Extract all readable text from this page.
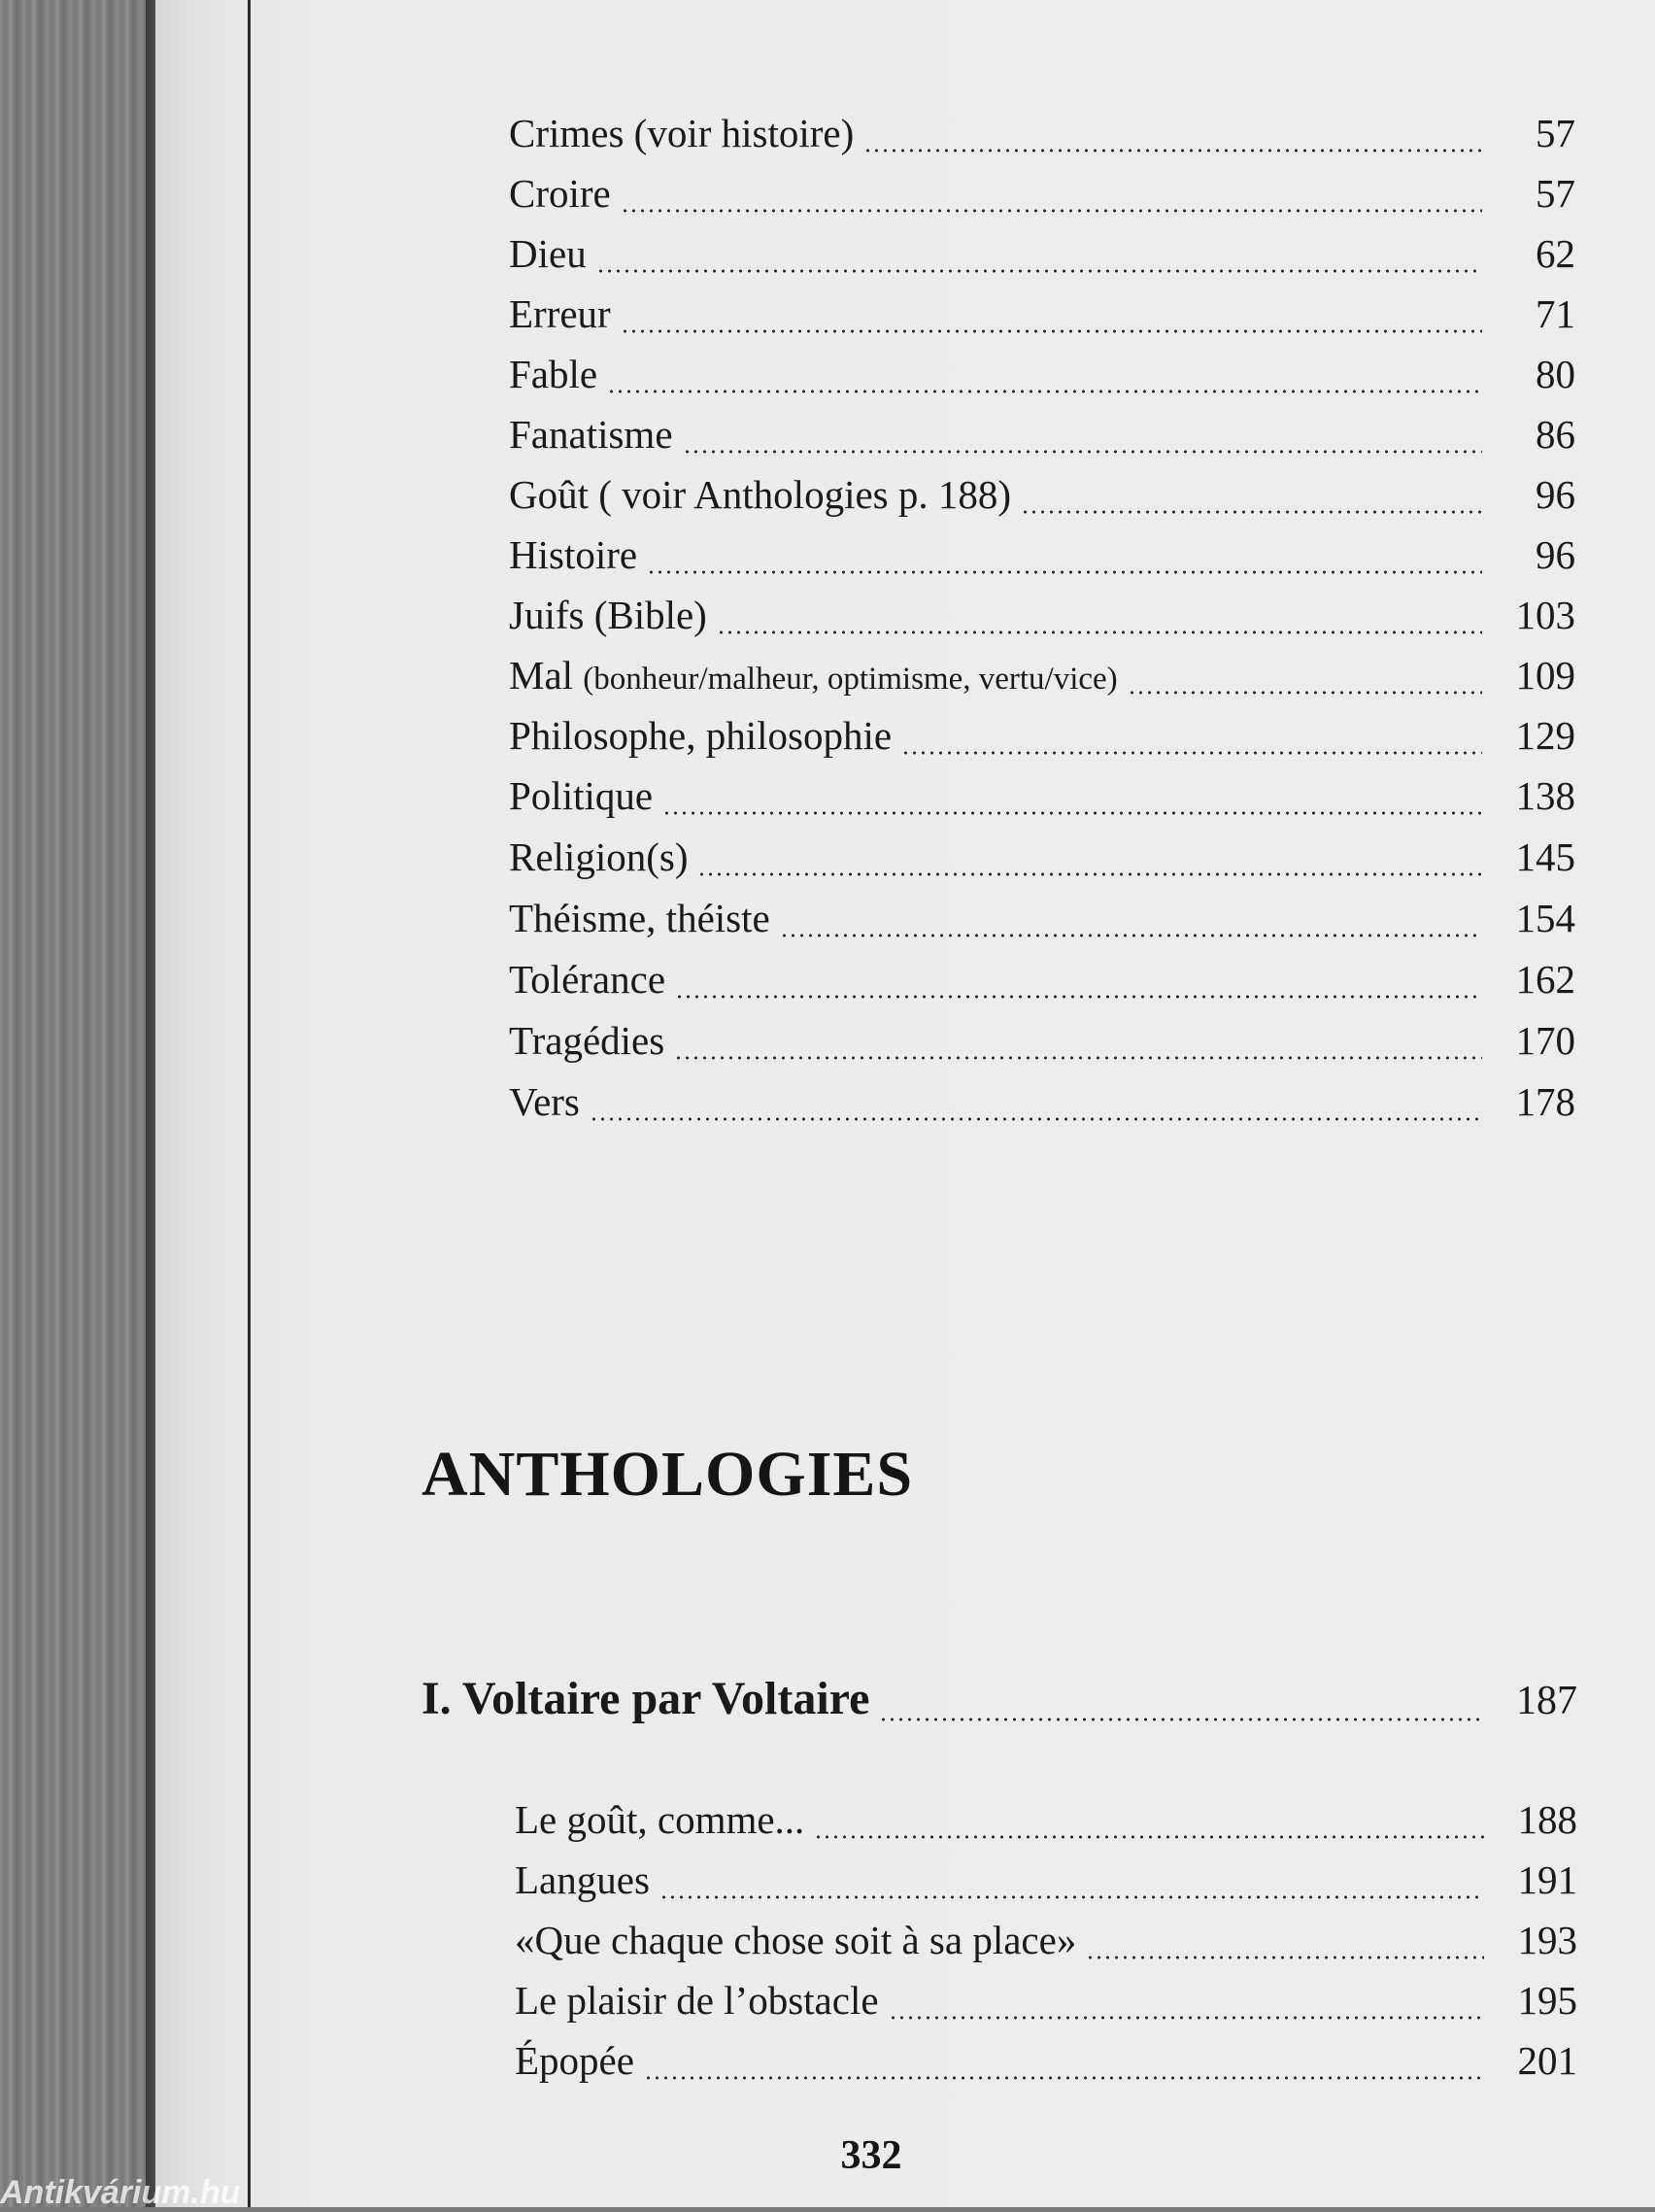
Crimes (voir histoire)	57
Croire	57
Dieu	62
Erreur	71
Fable	80
Fanatisme	86
Goût ( voir Anthologies p. 188)	96
Histoire	96
Juifs (Bible)	103
Mal (bonheur/malheur, optimisme, vertu/vice)	109
Philosophe, philosophie	129
Politique	138
Religion(s)	145
Théisme, théiste	154
Tolérance	162
Tragédies	170
Vers	178
ANTHOLOGIES
I. Voltaire par Voltaire	187
Le goût, comme...	188
Langues	191
«Que chaque chose soit à sa place»	193
Le plaisir de l’obstacle	195
Épopée	201
332
Antikvárium.hu
